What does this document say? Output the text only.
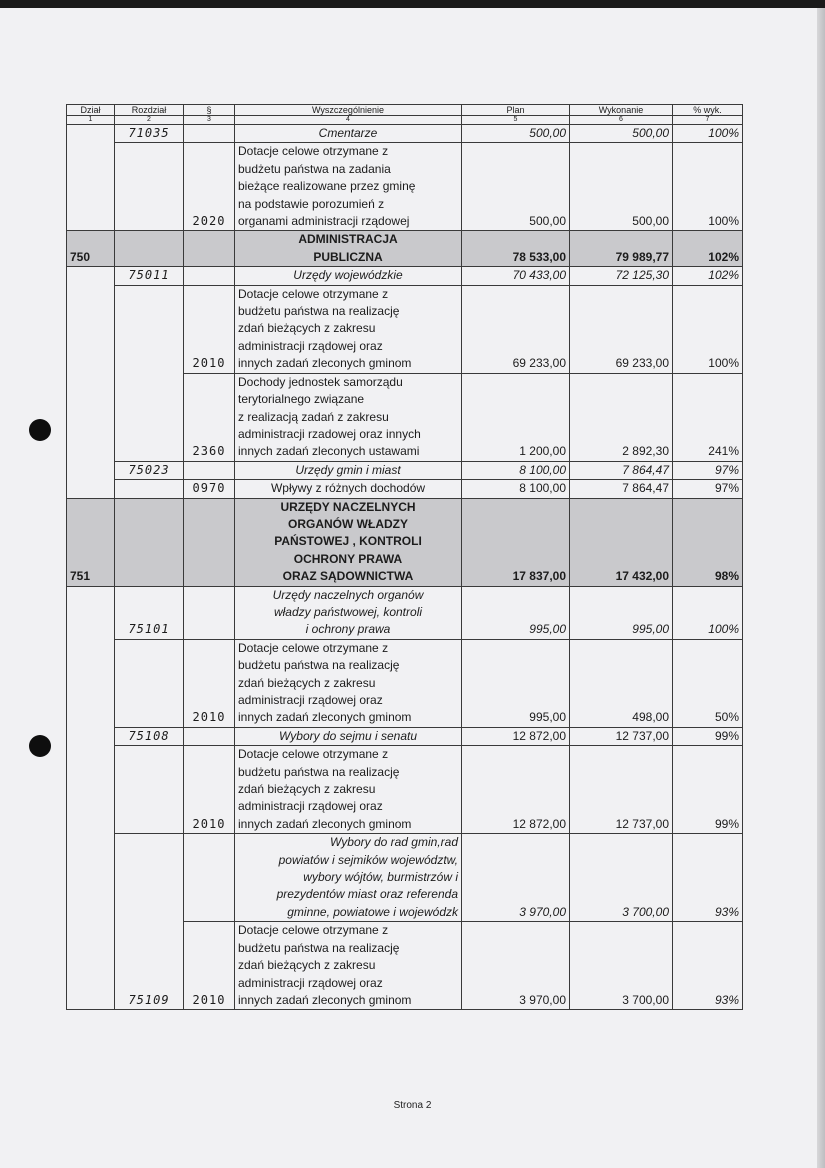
Dział	Rozdział	§	Wyszczególnienie	Plan	Wykonanie	% wyk.
1	2	3	4	5	6	7
	71035		Cmentarze	500,00	500,00	100%
		2020	Dotacje celowe otrzymane z
budżetu państwa na zadania
bieżące realizowane przez gminę
na podstawie porozumień z
organami administracji rządowej	500,00	500,00	100%
750			ADMINISTRACJA
PUBLICZNA	78 533,00	79 989,77	102%
	75011		Urzędy wojewódzkie	70 433,00	72 125,30	102%
		2010	Dotacje celowe otrzymane z
budżetu państwa na realizację
zdań bieżących z zakresu
administracji rządowej oraz
innych zadań zleconych gminom	69 233,00	69 233,00	100%
		2360	Dochody jednostek samorządu
terytorialnego związane
z realizacją zadań z zakresu
administracji rzadowej oraz innych
innych zadań zleconych ustawami	1 200,00	2 892,30	241%
	75023		Urzędy gmin i miast	8 100,00	7 864,47	97%
		0970	Wpływy z różnych dochodów	8 100,00	7 864,47	97%
751			URZĘDY NACZELNYCH
ORGANÓW WŁADZY
PAŃSTOWEJ , KONTROLI
OCHRONY PRAWA
ORAZ SĄDOWNICTWA	17 837,00	17 432,00	98%
	75101		Urzędy naczelnych organów
władzy państwowej, kontroli
i ochrony prawa	995,00	995,00	100%
		2010	Dotacje celowe otrzymane z
budżetu państwa na realizację
zdań bieżących z zakresu
administracji rządowej oraz
innych zadań zleconych gminom	995,00	498,00	50%
	75108		Wybory do sejmu i senatu	12 872,00	12 737,00	99%
		2010	Dotacje celowe otrzymane z
budżetu państwa na realizację
zdań bieżących z zakresu
administracji rządowej oraz
innych zadań zleconych gminom	12 872,00	12 737,00	99%
	75109		Wybory do rad gmin,rad
powiatów i sejmików województw,
wybory wójtów, burmistrzów i
prezydentów miast oraz referenda
gminne, powiatowe i wojewódzk	3 970,00	3 700,00	93%
		2010	Dotacje celowe otrzymane z
budżetu państwa na realizację
zdań bieżących z zakresu
administracji rządowej oraz
innych zadań zleconych gminom	3 970,00	3 700,00	93%
Strona 2
